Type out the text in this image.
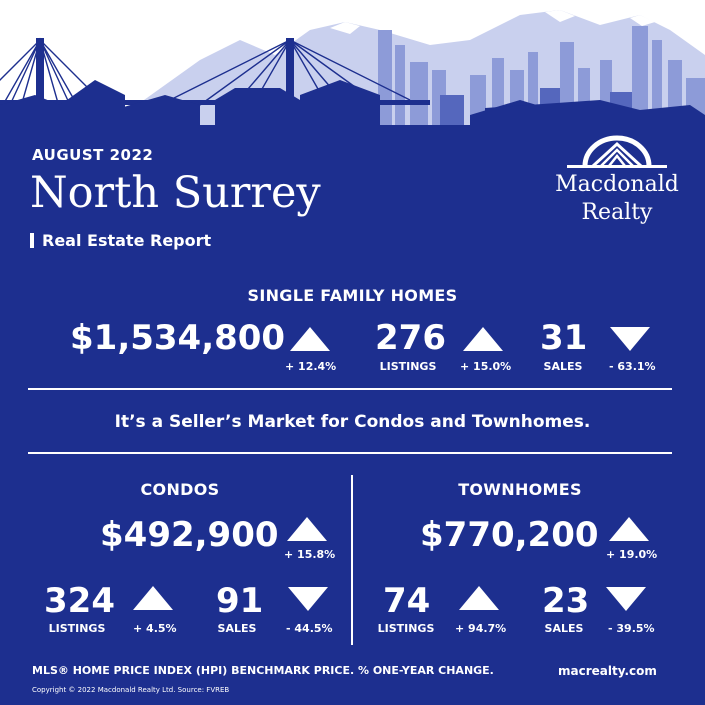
AUGUST 2022
North Surrey
Real Estate Report
Macdonald
Realty
SINGLE FAMILY HOMES
$1,534,800
+ 12.4%
276
LISTINGS + 15.0%
31
SALES	- 63.1%
It’s a Seller’s Market for Condos and Townhomes.
CONDOS
$492,900 + 15.8%
324
LISTINGS	+ 4.5%
91
SALES	- 44.5%
TOWNHOMES
$770,200 + 19.0%
74
LISTINGS + 94.7%
23
SALES	- 39.5%
MLS® HOME PRICE INDEX (HPI) BENCHMARK PRICE. % ONE-YEAR CHANGE.
Copyright © 2022 Macdonald Realty Ltd. Source: FVREB
macrealty.com
